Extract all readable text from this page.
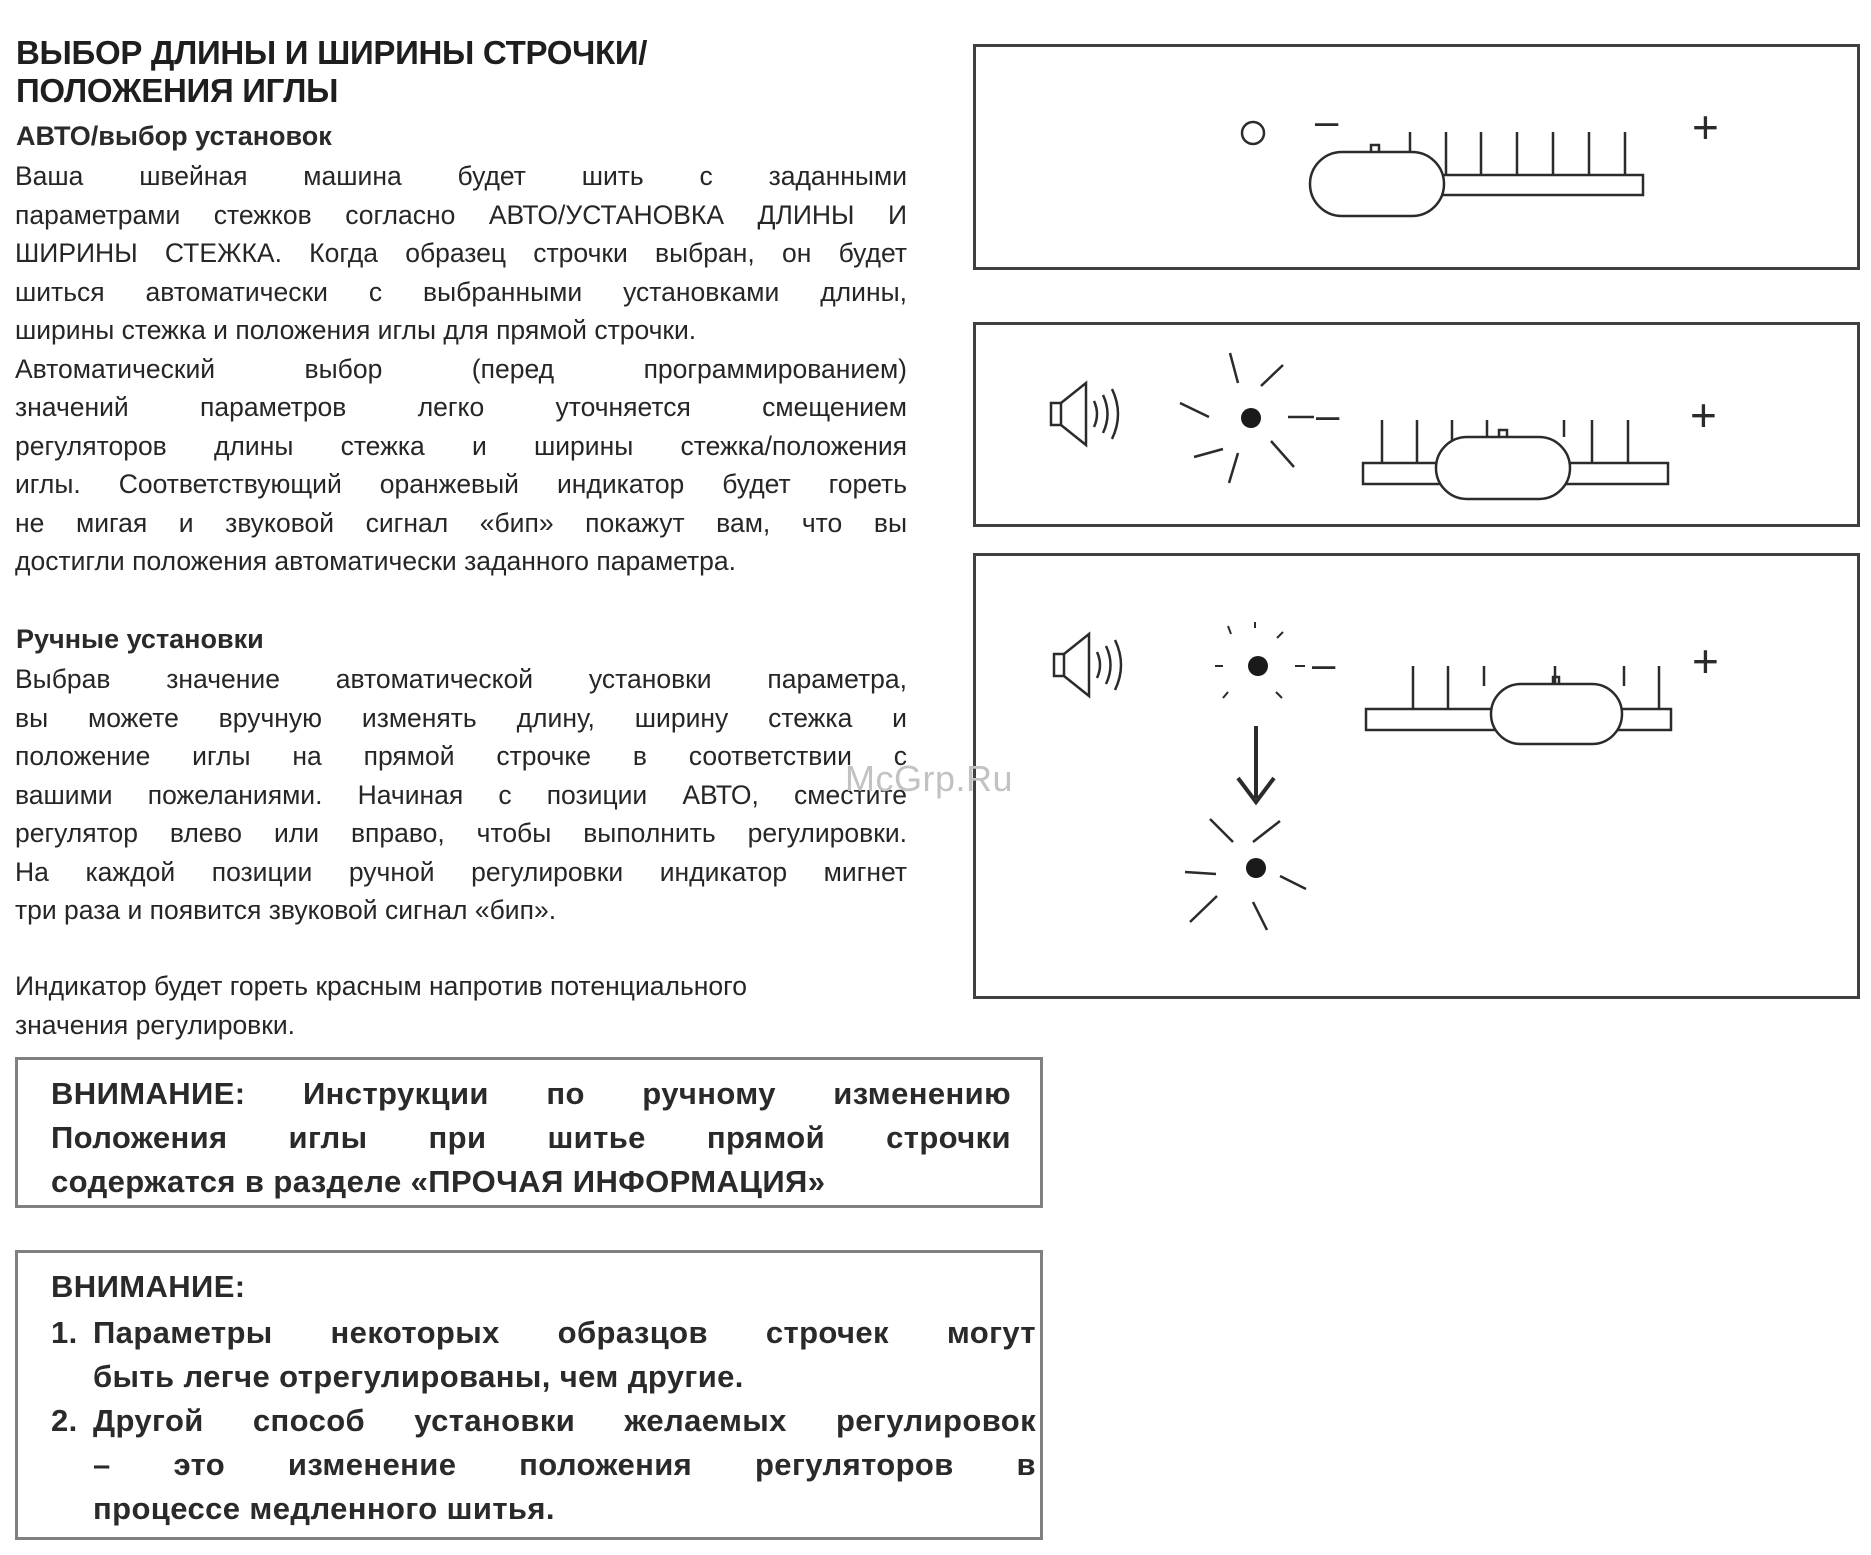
ВЫБОР ДЛИНЫ И ШИРИНЫ СТРОЧКИ/
ПОЛОЖЕНИЯ ИГЛЫ
АВТО/выбор установок
Ваша швейная машина будет шить с заданными
параметрами стежков согласно АВТО/УСТАНОВКА ДЛИНЫ И
ШИРИНЫ СТЕЖКА. Когда образец строчки выбран, он будет
шиться автоматически с выбранными установками длины,
ширины стежка и положения иглы для прямой строчки.
Автоматический выбор (перед программированием)
значений параметров легко уточняется смещением
регуляторов длины стежка и ширины стежка/положения
иглы. Соответствующий оранжевый индикатор будет гореть
не мигая и звуковой сигнал «бип» покажут вам, что вы
достигли положения автоматически заданного параметра.
Ручные установки
Выбрав значение автоматической установки параметра,
вы можете вручную изменять длину, ширину стежка и
положение иглы на прямой строчке в соответствии с
вашими пожеланиями. Начиная с позиции АВТО, сместите
регулятор влево или вправо, чтобы выполнить регулировки.
На каждой позиции ручной регулировки индикатор мигнет
три раза и появится звуковой сигнал «бип».
Индикатор будет гореть красным напротив потенциального
значения регулировки.
ВНИМАНИЕ: Инструкции по ручному изменению
Положения иглы при шитье прямой строчки
содержатся в разделе «ПРОЧАЯ ИНФОРМАЦИЯ»
ВНИМАНИЕ:
1. Параметры некоторых образцов строчек могут
быть легче отрегулированы, чем другие.
2. Другой способ установки желаемых регулировок
– это изменение положения регуляторов в
процессе медленного шитья.
–	+
–	+
–	+
McGrp.Ru
